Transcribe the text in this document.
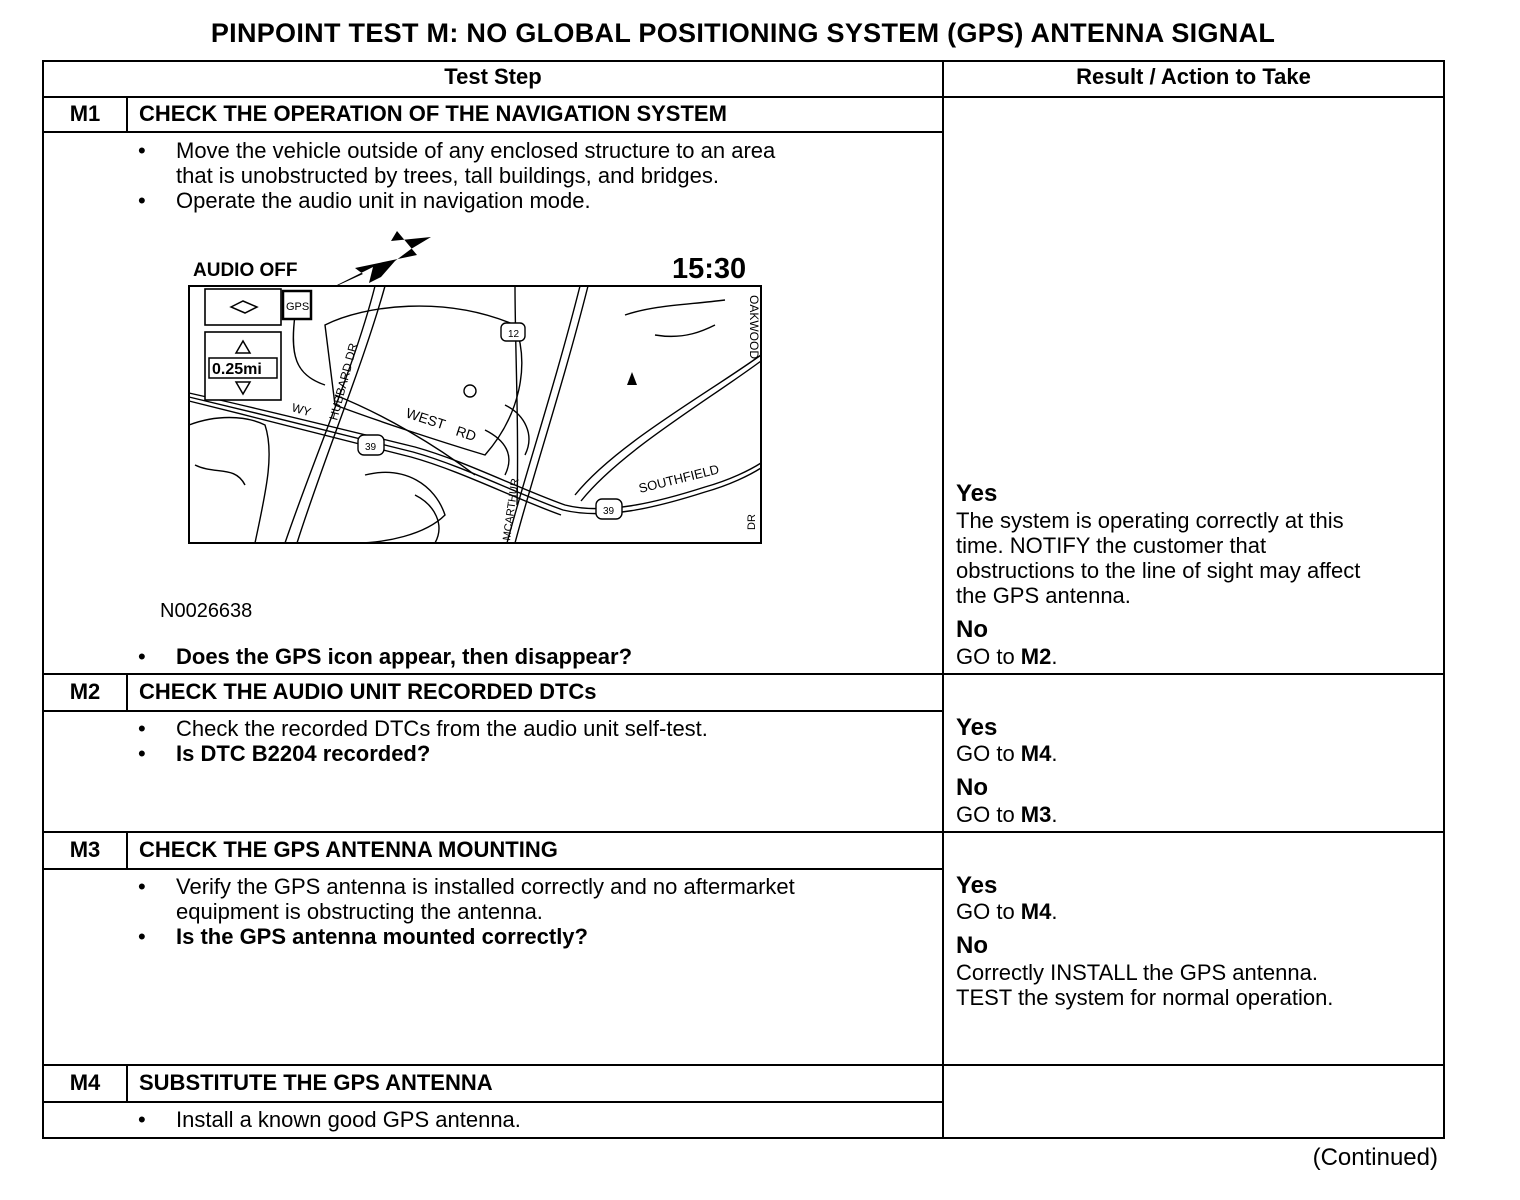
PINPOINT TEST M: NO GLOBAL POSITIONING SYSTEM (GPS) ANTENNA SIGNAL
Test Step	Result / Action to Take
M1	CHECK THE OPERATION OF THE NAVIGATION SYSTEM
• Move the vehicle outside of any enclosed structure to an area
that is unobstructed by trees, tall buildings, and bridges.
• Operate the audio unit in navigation mode.
AUDIO OFF	15:30
GPS
0.25mi
39
39
12
WEST
RD
HUBBARD DR
SOUTHFIELD
OAKWOOD
WY
MCARTHUR	DR
N0026638
• Does the GPS icon appear, then disappear?
Yes
The system is operating correctly at this
time. NOTIFY the customer that
obstructions to the line of sight may affect
the GPS antenna.
No
GO to M2.
M2	CHECK THE AUDIO UNIT RECORDED DTCs
• Check the recorded DTCs from the audio unit self-test.
• Is DTC B2204 recorded?
Yes
GO to M4.
No
GO to M3.
M3	CHECK THE GPS ANTENNA MOUNTING
• Verify the GPS antenna is installed correctly and no aftermarket
equipment is obstructing the antenna.
• Is the GPS antenna mounted correctly?
Yes
GO to M4.
No
Correctly INSTALL the GPS antenna.
TEST the system for normal operation.
M4	SUBSTITUTE THE GPS ANTENNA
• Install a known good GPS antenna.
(Continued)
